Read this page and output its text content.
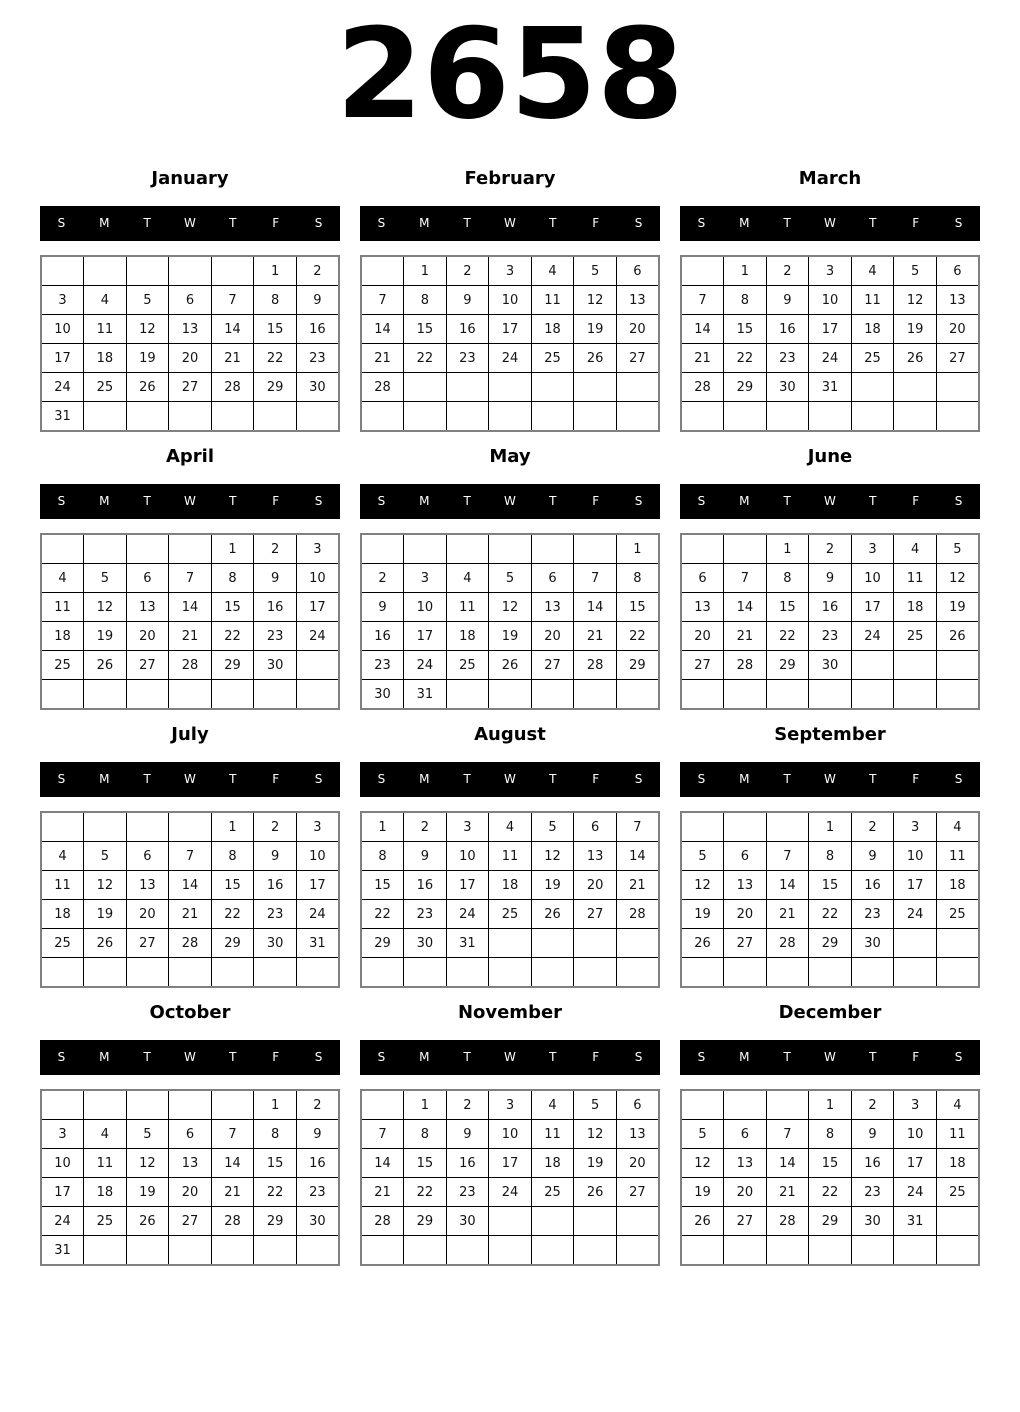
2658
January
S	M	T	W	T	F	S
					1	2
3	4	5	6	7	8	9
10	11	12	13	14	15	16
17	18	19	20	21	22	23
24	25	26	27	28	29	30
31						
February
S	M	T	W	T	F	S
	1	2	3	4	5	6
7	8	9	10	11	12	13
14	15	16	17	18	19	20
21	22	23	24	25	26	27
28						

March
S	M	T	W	T	F	S
	1	2	3	4	5	6
7	8	9	10	11	12	13
14	15	16	17	18	19	20
21	22	23	24	25	26	27
28	29	30	31			

April
S	M	T	W	T	F	S
				1	2	3
4	5	6	7	8	9	10
11	12	13	14	15	16	17
18	19	20	21	22	23	24
25	26	27	28	29	30	

May
S	M	T	W	T	F	S
						1
2	3	4	5	6	7	8
9	10	11	12	13	14	15
16	17	18	19	20	21	22
23	24	25	26	27	28	29
30	31					
June
S	M	T	W	T	F	S
		1	2	3	4	5
6	7	8	9	10	11	12
13	14	15	16	17	18	19
20	21	22	23	24	25	26
27	28	29	30			

July
S	M	T	W	T	F	S
				1	2	3
4	5	6	7	8	9	10
11	12	13	14	15	16	17
18	19	20	21	22	23	24
25	26	27	28	29	30	31

August
S	M	T	W	T	F	S
1	2	3	4	5	6	7
8	9	10	11	12	13	14
15	16	17	18	19	20	21
22	23	24	25	26	27	28
29	30	31				

September
S	M	T	W	T	F	S
			1	2	3	4
5	6	7	8	9	10	11
12	13	14	15	16	17	18
19	20	21	22	23	24	25
26	27	28	29	30		

October
S	M	T	W	T	F	S
					1	2
3	4	5	6	7	8	9
10	11	12	13	14	15	16
17	18	19	20	21	22	23
24	25	26	27	28	29	30
31						
November
S	M	T	W	T	F	S
	1	2	3	4	5	6
7	8	9	10	11	12	13
14	15	16	17	18	19	20
21	22	23	24	25	26	27
28	29	30				

December
S	M	T	W	T	F	S
			1	2	3	4
5	6	7	8	9	10	11
12	13	14	15	16	17	18
19	20	21	22	23	24	25
26	27	28	29	30	31	
